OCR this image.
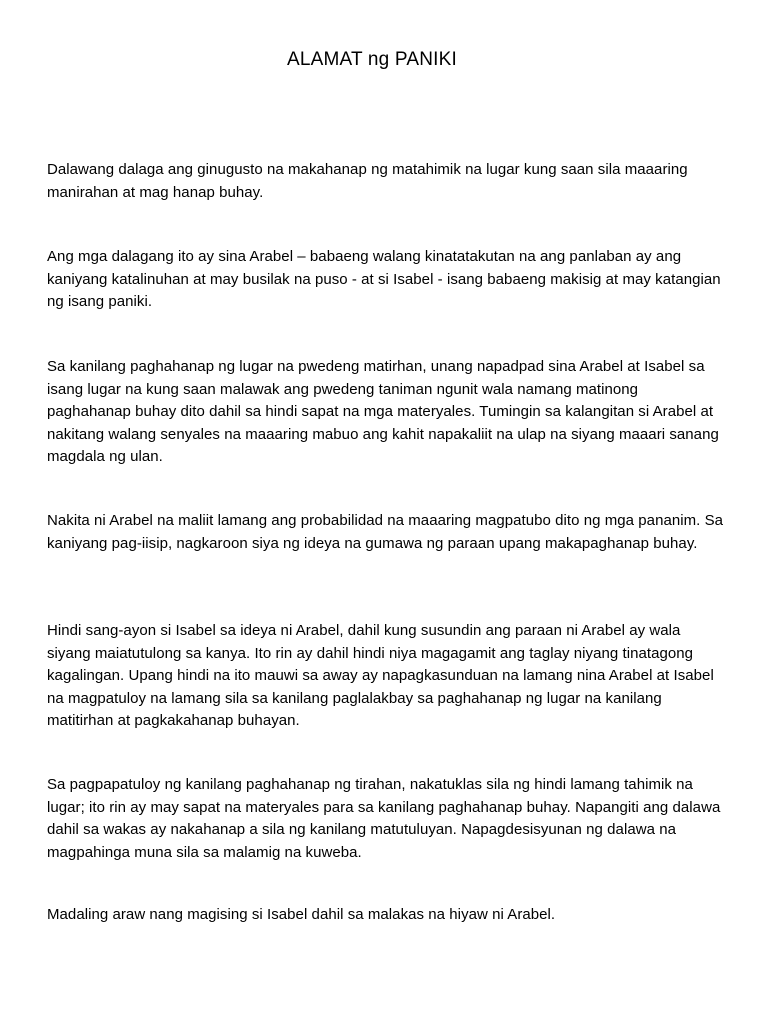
ALAMAT ng PANIKI

Dalawang dalaga ang ginugusto na makahanap ng matahimik na lugar kung saan sila maaaring manirahan at mag hanap buhay.

Ang mga dalagang ito ay sina Arabel – babaeng walang kinatatakutan na ang panlaban ay ang kaniyang katalinuhan at may busilak na puso - at si Isabel - isang babaeng makisig at may katangian ng isang paniki.

Sa kanilang paghahanap ng lugar na pwedeng matirhan, unang napadpad sina Arabel at Isabel sa isang lugar na kung saan malawak ang pwedeng taniman ngunit wala namang matinong paghahanap buhay dito dahil sa hindi sapat na mga materyales. Tumingin sa kalangitan si Arabel at nakitang walang senyales na maaaring mabuo ang kahit napakaliit na ulap na siyang maaari sanang magdala ng ulan.

Nakita ni Arabel na maliit lamang ang probabilidad na maaaring magpatubo dito ng mga pananim. Sa kaniyang pag-iisip, nagkaroon siya ng ideya na gumawa ng paraan upang makapaghanap buhay.

Hindi sang-ayon si Isabel sa ideya ni Arabel, dahil kung susundin ang paraan ni Arabel ay wala siyang maiatutulong sa kanya. Ito rin ay dahil hindi niya magagamit ang taglay niyang tinatagong kagalingan. Upang hindi na ito mauwi sa away ay napagkasunduan na lamang nina Arabel at Isabel na magpatuloy na lamang sila sa kanilang paglalakbay sa paghahanap ng lugar na kanilang matitirhan at pagkakahanap buhayan.

Sa pagpapatuloy ng kanilang paghahanap ng tirahan, nakatuklas sila ng hindi lamang tahimik na lugar; ito rin ay may sapat na materyales para sa kanilang paghahanap buhay. Napangiti ang dalawa dahil sa wakas ay nakahanap a sila ng kanilang matutuluyan. Napagdesisyunan ng dalawa na magpahinga muna sila sa malamig na kuweba.

Madaling araw nang magising si Isabel dahil sa malakas na hiyaw ni Arabel.
